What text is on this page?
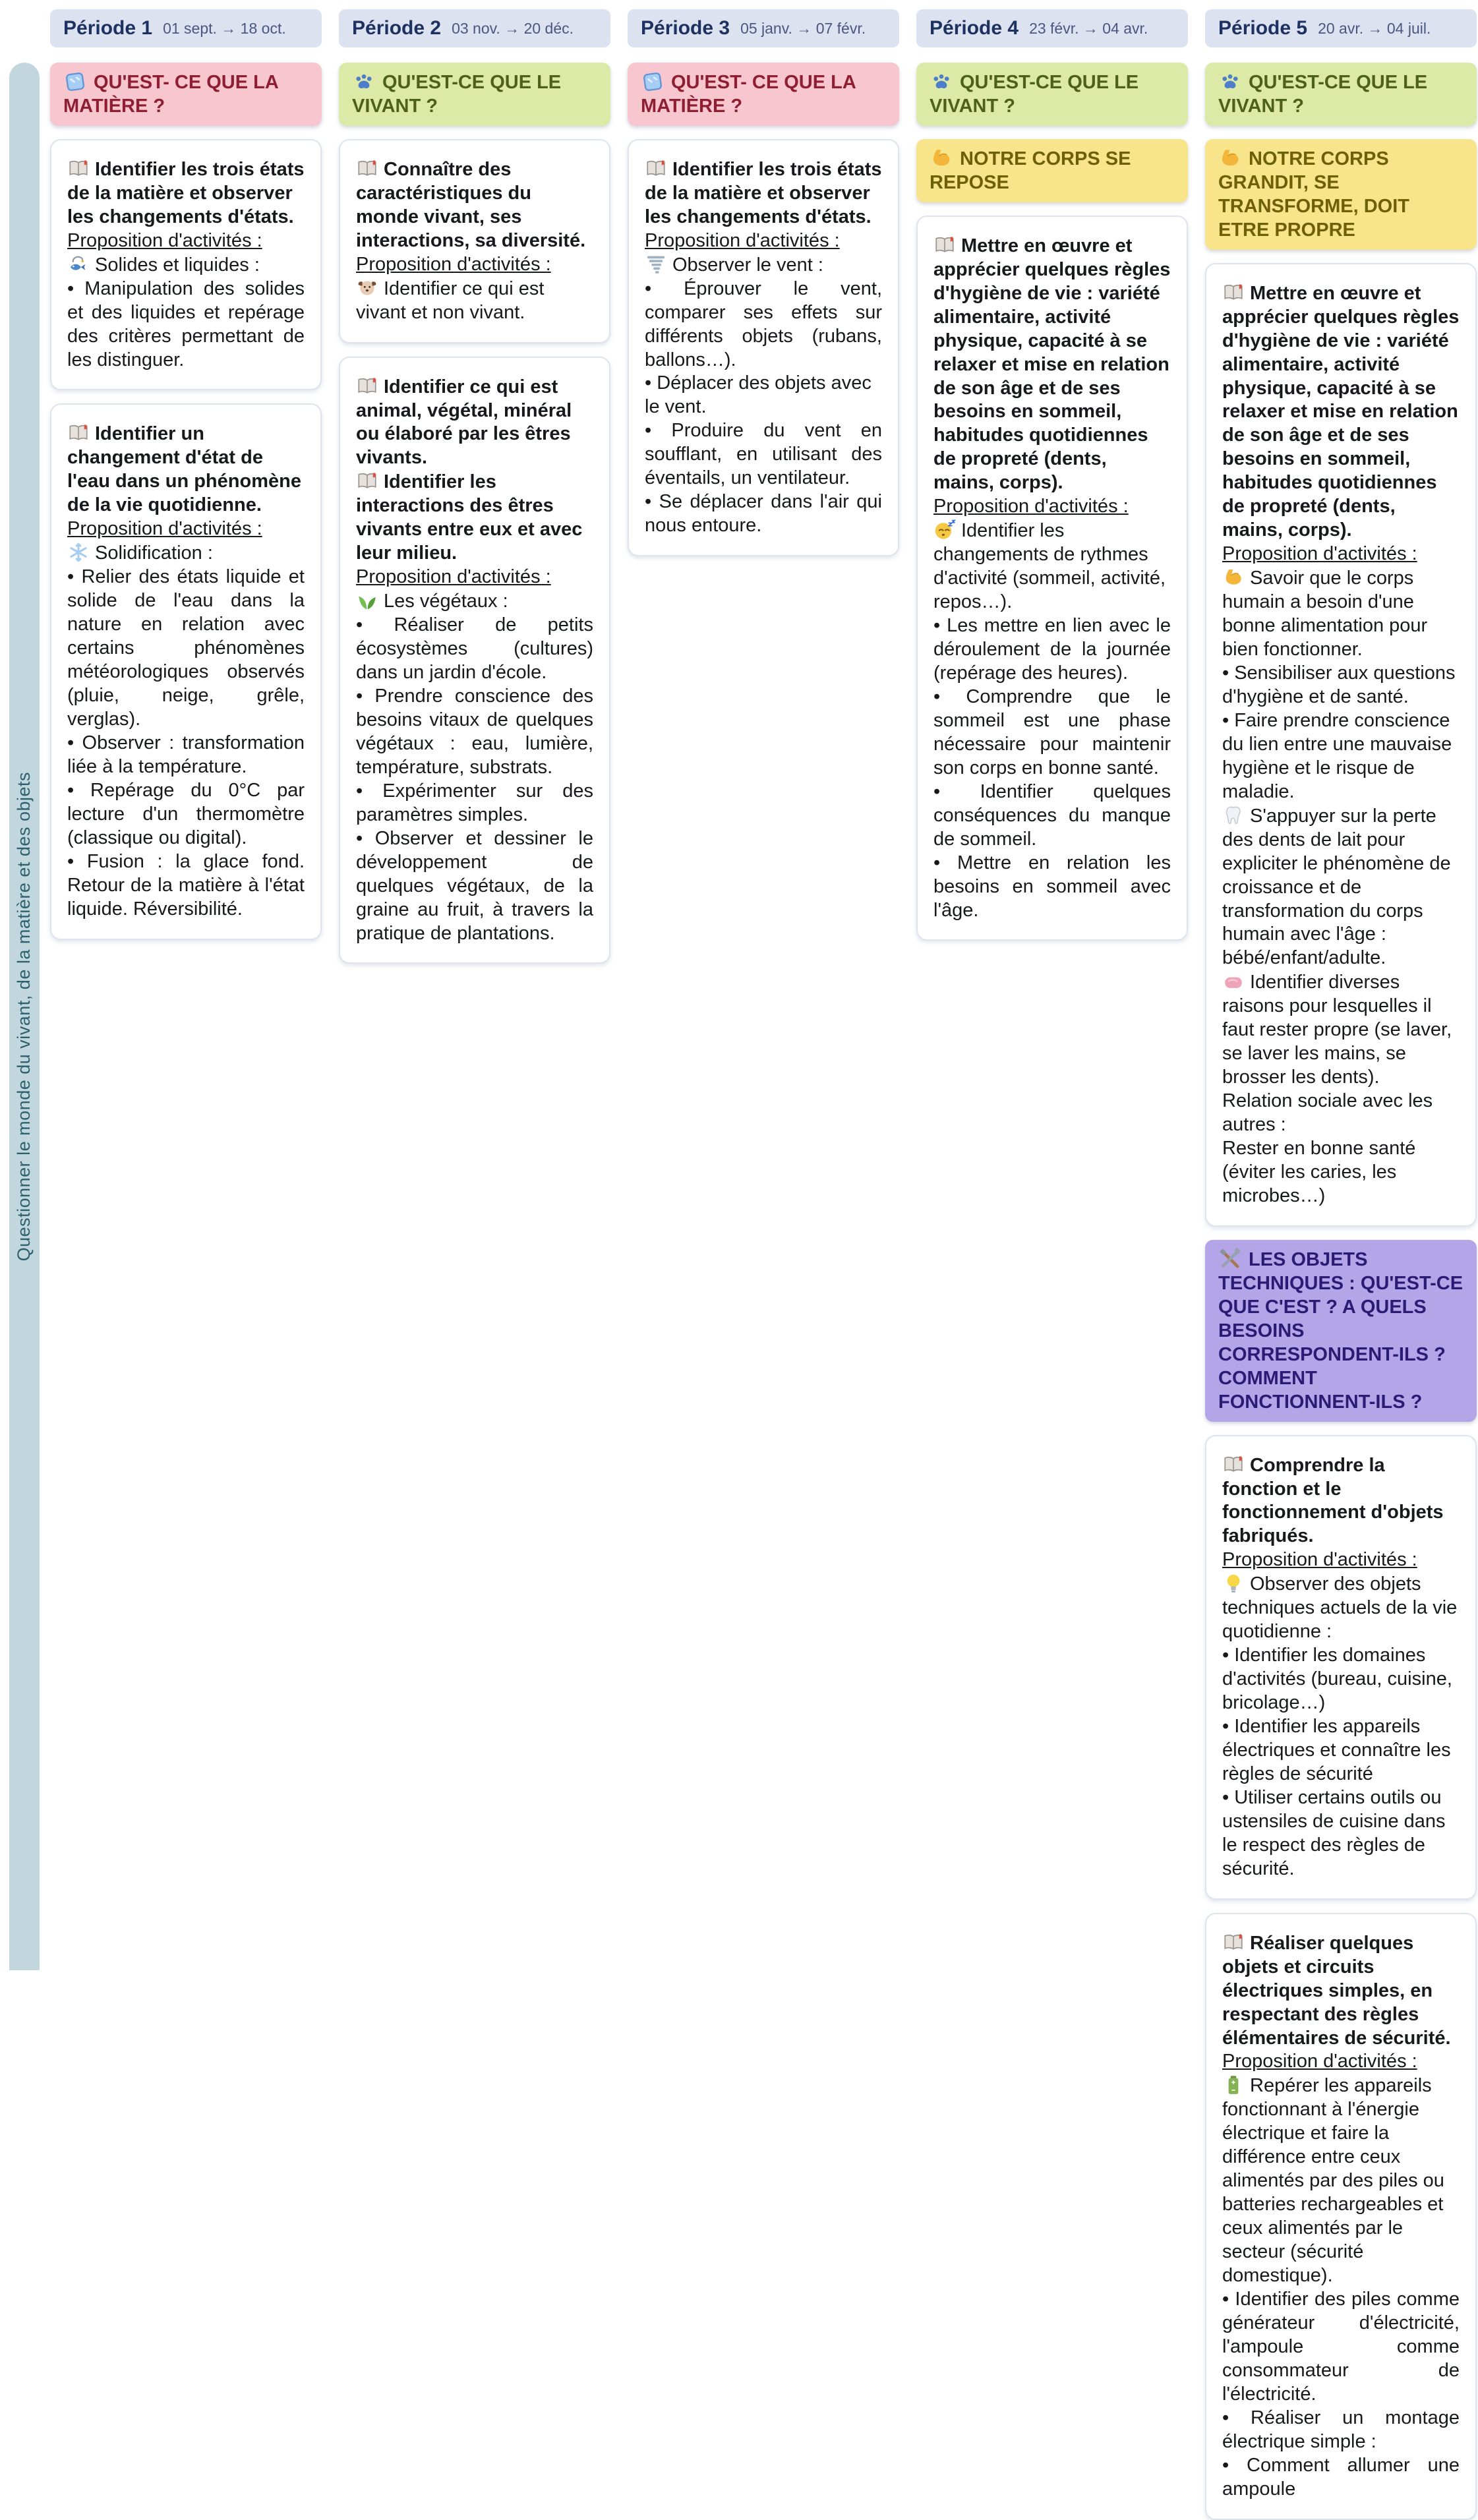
Période 1 01 sept. → 18 oct.	Période 2 03 nov. → 20 déc.	Période 3 05 janv. → 07 févr.	Période 4 23 févr. → 04 avr.	Période 5 20 avr. → 04 juil.
Questionner le monde du vivant, de la matière et des objets
QU'EST- CE QUE LA MATIÈRE ?

Identifier les trois états de la matière et observer les changements d'états.

Proposition d'activités :

Solides et liquides :

• Manipulation des solides et des liquides et repérage des critères permettant de les distinguer.

Identifier un changement d'état de l'eau dans un phénomène de la vie quotidienne.

Proposition d'activités :

Solidification :

• Relier des états liquide et solide de l'eau dans la nature en relation avec certains phénomènes météorologiques observés (pluie, neige, grêle, verglas).

• Observer : transformation liée à la température.

• Repérage du 0°C par lecture d'un thermomètre (classique ou digital).

• Fusion : la glace fond. Retour de la matière à l'état liquide. Réversibilité.

QU'EST-CE QUE LE VIVANT ?

Connaître des caractéristiques du monde vivant, ses interactions, sa diversité.

Proposition d'activités :

Identifier ce qui est vivant et non vivant.

Identifier ce qui est animal, végétal, minéral ou élaboré par les êtres vivants.

Identifier les interactions des êtres vivants entre eux et avec leur milieu.

Proposition d'activités :

Les végétaux :

• Réaliser de petits écosystèmes (cultures) dans un jardin d'école.

• Prendre conscience des besoins vitaux de quelques végétaux : eau, lumière, température, substrats.

• Expérimenter sur des paramètres simples.

• Observer et dessiner le développement de quelques végétaux, de la graine au fruit, à travers la pratique de plantations.

QU'EST- CE QUE LA MATIÈRE ?

Identifier les trois états de la matière et observer les changements d'états.

Proposition d'activités :

Observer le vent :

• Éprouver le vent, comparer ses effets sur différents objets (rubans, ballons…).

• Déplacer des objets avec le vent.

• Produire du vent en soufflant, en utilisant des éventails, un ventilateur.

• Se déplacer dans l'air qui nous entoure.

QU'EST-CE QUE LE VIVANT ?
NOTRE CORPS SE REPOSE

Mettre en œuvre et apprécier quelques règles d'hygiène de vie : variété alimentaire, activité physique, capacité à se relaxer et mise en relation de son âge et de ses besoins en sommeil, habitudes quotidiennes de propreté (dents, mains, corps).

Proposition d'activités :

Identifier les changements de rythmes d'activité (sommeil, activité, repos…).

• Les mettre en lien avec le déroulement de la journée (repérage des heures).

• Comprendre que le sommeil est une phase nécessaire pour maintenir son corps en bonne santé.

• Identifier quelques conséquences du manque de sommeil.

• Mettre en relation les besoins en sommeil avec l'âge.

QU'EST-CE QUE LE VIVANT ?
NOTRE CORPS GRANDIT, SE TRANSFORME, DOIT ETRE PROPRE

Mettre en œuvre et apprécier quelques règles d'hygiène de vie : variété alimentaire, activité physique, capacité à se relaxer et mise en relation de son âge et de ses besoins en sommeil, habitudes quotidiennes de propreté (dents, mains, corps).

Proposition d'activités :

Savoir que le corps humain a besoin d'une bonne alimentation pour bien fonctionner.

• Sensibiliser aux questions d'hygiène et de santé.

• Faire prendre conscience du lien entre une mauvaise hygiène et le risque de maladie.

S'appuyer sur la perte des dents de lait pour expliciter le phénomène de croissance et de transformation du corps humain avec l'âge : bébé/enfant/adulte.

Identifier diverses raisons pour lesquelles il faut rester propre (se laver, se laver les mains, se brosser les dents).

Relation sociale avec les autres :

Rester en bonne santé (éviter les caries, les microbes…)

LES OBJETS TECHNIQUES : QU'EST-CE QUE C'EST ? A QUELS BESOINS CORRESPONDENT-ILS ? COMMENT FONCTIONNENT-ILS ?

Comprendre la fonction et le fonctionnement d'objets fabriqués.

Proposition d'activités :

Observer des objets techniques actuels de la vie quotidienne :

• Identifier les domaines d'activités (bureau, cuisine, bricolage…)

• Identifier les appareils électriques et connaître les règles de sécurité

• Utiliser certains outils ou ustensiles de cuisine dans le respect des règles de sécurité.

Réaliser quelques objets et circuits électriques simples, en respectant des règles élémentaires de sécurité.

Proposition d'activités :

Repérer les appareils fonctionnant à l'énergie électrique et faire la différence entre ceux alimentés par des piles ou batteries rechargeables et ceux alimentés par le secteur (sécurité domestique).

• Identifier des piles comme générateur d'électricité, l'ampoule comme consommateur de l'électricité.

• Réaliser un montage électrique simple :

• Comment allumer une ampoule
